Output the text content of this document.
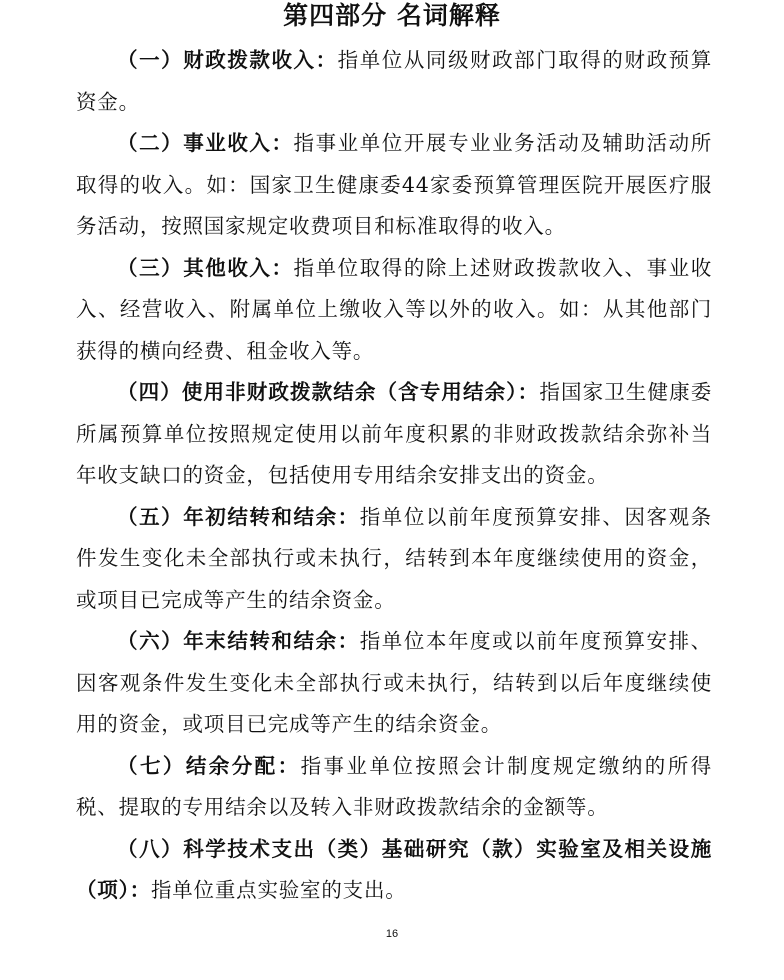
第四部分 名词解释

（一）财政拨款收入：指单位从同级财政部门取得的财政预算资金。

（二）事业收入：指事业单位开展专业业务活动及辅助活动所取得的收入。如：国家卫生健康委44家委预算管理医院开展医疗服务活动，按照国家规定收费项目和标准取得的收入。

（三）其他收入：指单位取得的除上述财政拨款收入、事业收入、经营收入、附属单位上缴收入等以外的收入。如：从其他部门获得的横向经费、租金收入等。

（四）使用非财政拨款结余（含专用结余）：指国家卫生健康委所属预算单位按照规定使用以前年度积累的非财政拨款结余弥补当年收支缺口的资金，包括使用专用结余安排支出的资金。

（五）年初结转和结余：指单位以前年度预算安排、因客观条件发生变化未全部执行或未执行，结转到本年度继续使用的资金，或项目已完成等产生的结余资金。

（六）年末结转和结余：指单位本年度或以前年度预算安排、因客观条件发生变化未全部执行或未执行，结转到以后年度继续使用的资金，或项目已完成等产生的结余资金。

（七）结余分配：指事业单位按照会计制度规定缴纳的所得税、提取的专用结余以及转入非财政拨款结余的金额等。

（八）科学技术支出（类）基础研究（款）实验室及相关设施（项）：指单位重点实验室的支出。

16
